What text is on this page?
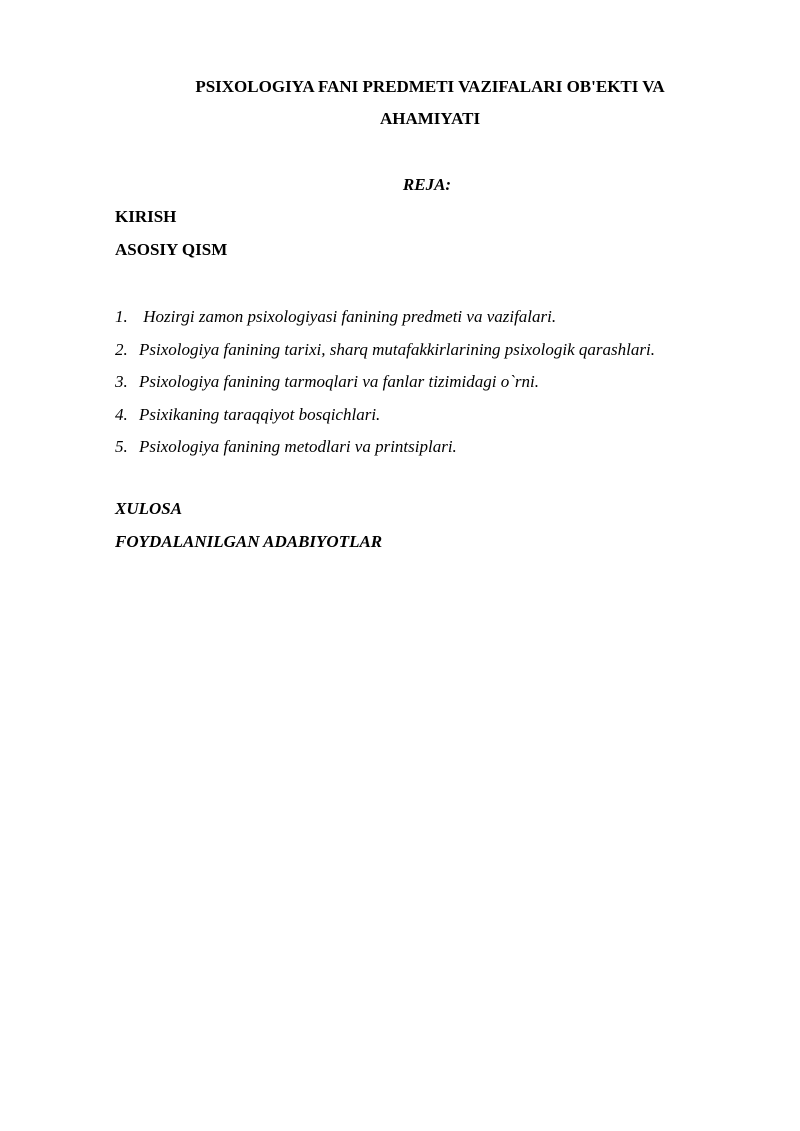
PSIXOLOGIYA FANI PREDMETI VAZIFALARI OB'EKTI VA
AHAMIYATI

REJA:

KIRISH

ASOSIY QISM

1. Hozirgi zamon psixologiyasi fanining predmeti va vazifalari.
2. Psixologiya fanining tarixi, sharq mutafakkirlarining psixologik qarashlari.
3. Psixologiya fanining tarmoqlari va fanlar tizimidagi o`rni.
4. Psixikaning taraqqiyot bosqichlari.
5. Psixologiya fanining metodlari va printsiplari.

XULOSA

FOYDALANILGAN ADABIYOTLAR
